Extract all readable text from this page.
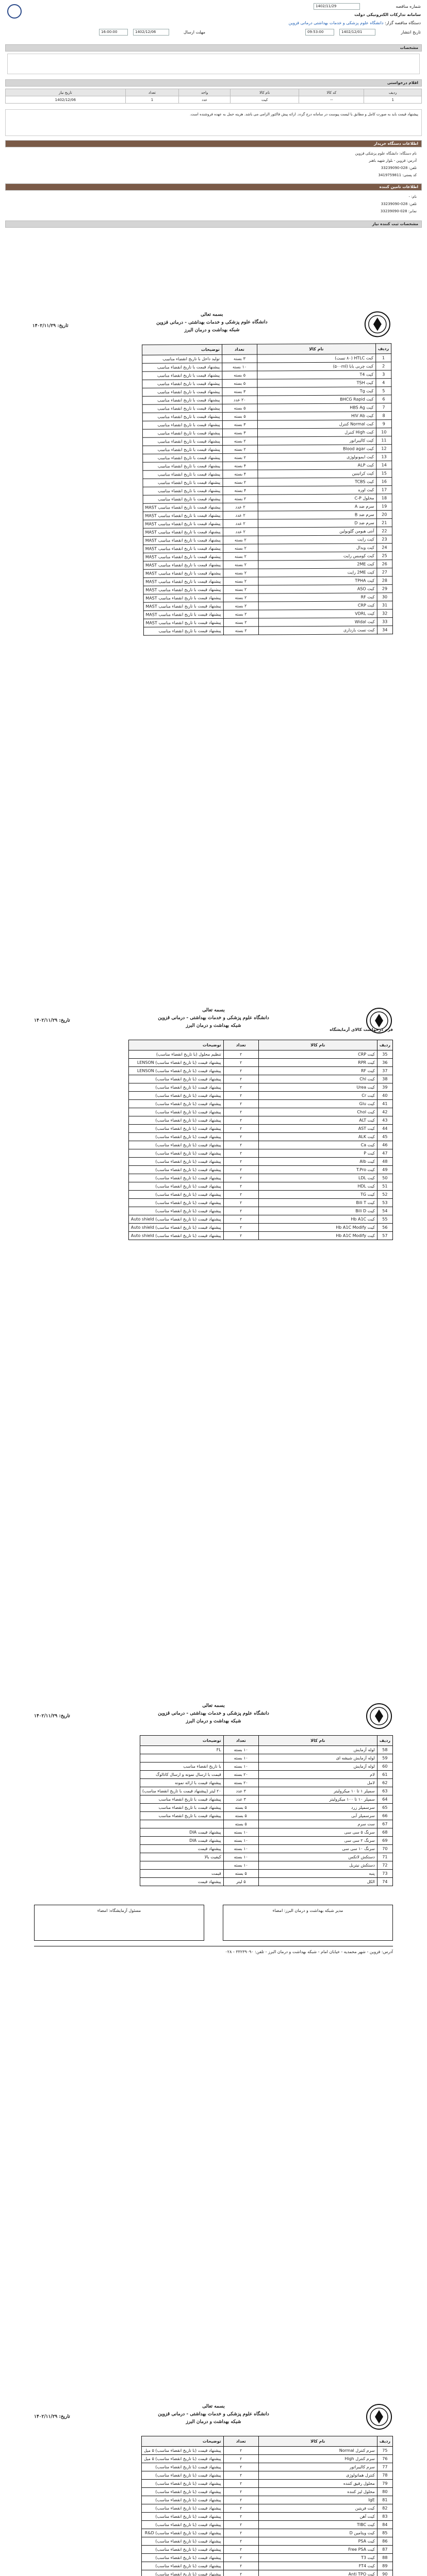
شماره مناقصه
1402/11/29
سامانه تدارکات الکترونیکی دولت
دستگاه مناقصه گزار: دانشگاه علوم پزشکی و خدمات بهداشتی درمانی قزوین
تاریخ انتشار
1402/12/01
09:53:00
مهلت ارسال
1402/12/06
16:00:00
مشخصات
اقلام درخواستی
ردیف	کد کالا	نام کالا	واحد	تعداد	تاریخ نیاز
1	--	کیت	عدد	1	1402/12/06
پیشنهاد قیمت باید به صورت کامل و مطابق با لیست پیوست در سامانه درج گردد. ارائه پیش فاکتور الزامی می باشد. هزینه حمل به عهده فروشنده است.
اطلاعات دستگاه خریدار
نام دستگاه: دانشگاه علوم پزشکی قزوین
آدرس: قزوین - بلوار شهید باهنر
تلفن: 028-33239090
کد پستی: 3419759811
اطلاعات تامین کننده
نام: -
تلفن: 028-33239090
نمابر: 028-33239090
مشخصات ثبت کننده نیاز
بسمه تعالی
دانشگاه علوم پزشکی و خدمات بهداشتی - درمانی قزوین
شبکه بهداشت و درمان البرز
تاریخ: ۱۴۰۲/۱۱/۲۹
ردیف	نام کالا	تعداد	توضیحات
1	کیت HTLC (۸۰ تست)	۳ بسته	تولید داخل با تاریخ انقضاء مناسب
2	کیت چربی بابا (۵۰۰ml)	۱۰ بسته	پیشنهاد قیمت با تاریخ انقضاء مناسب
3	کیت T4	۵ بسته	پیشنهاد قیمت با تاریخ انقضاء مناسب
4	کیت TSH	۵ بسته	پیشنهاد قیمت با تاریخ انقضاء مناسب
5	کیت Tg	۳ بسته	پیشنهاد قیمت با تاریخ انقضاء مناسب
6	کیت BHCG Rapid	۲۰ عدد	پیشنهاد قیمت با تاریخ انقضاء مناسب
7	کیت HBS Ag	۵ بسته	پیشنهاد قیمت با تاریخ انقضاء مناسب
8	کیت HIV Ab	۵ بسته	پیشنهاد قیمت با تاریخ انقضاء مناسب
9	کیت Normal کنترل	۳ بسته	پیشنهاد قیمت با تاریخ انقضاء مناسب
10	کیت High کنترل	۳ بسته	پیشنهاد قیمت با تاریخ انقضاء مناسب
11	کیت کالیبراتور	۲ بسته	پیشنهاد قیمت با تاریخ انقضاء مناسب
12	کیت Blood agar	۲ بسته	پیشنهاد قیمت با تاریخ انقضاء مناسب
13	کیت ایمونولوژی	۲ بسته	پیشنهاد قیمت با تاریخ انقضاء مناسب
14	کیت ALP	۴ بسته	پیشنهاد قیمت با تاریخ انقضاء مناسب
15	کیت کراتینین	۴ بسته	پیشنهاد قیمت با تاریخ انقضاء مناسب
16	کیت TCBS	۲ بسته	پیشنهاد قیمت با تاریخ انقضاء مناسب
17	کیت اوره	۴ بسته	پیشنهاد قیمت با تاریخ انقضاء مناسب
18	محلول C-P	۲ بسته	پیشنهاد قیمت با تاریخ انقضاء مناسب
19	سرم ضد A	۲ عدد	پیشنهاد قیمت با تاریخ انقضاء مناسب MAST
20	سرم ضد B	۲ عدد	پیشنهاد قیمت با تاریخ انقضاء مناسب MAST
21	سرم ضد D	۲ عدد	پیشنهاد قیمت با تاریخ انقضاء مناسب MAST
22	آنتی هیومن گلوبولین	۲ عدد	پیشنهاد قیمت با تاریخ انقضاء مناسب MAST
23	کیت رایت	۲ بسته	پیشنهاد قیمت با تاریخ انقضاء مناسب MAST
24	کیت ویدال	۲ بسته	پیشنهاد قیمت با تاریخ انقضاء مناسب MAST
25	کیت کومبس رایت	۲ بسته	پیشنهاد قیمت با تاریخ انقضاء مناسب MAST
26	کیت 2ME	۲ بسته	پیشنهاد قیمت با تاریخ انقضاء مناسب MAST
27	کیت 2ME رایت	۲ بسته	پیشنهاد قیمت با تاریخ انقضاء مناسب MAST
28	کیت TPHA	۲ بسته	پیشنهاد قیمت با تاریخ انقضاء مناسب MAST
29	کیت ASO	۲ بسته	پیشنهاد قیمت با تاریخ انقضاء مناسب MAST
30	کیت RF	۲ بسته	پیشنهاد قیمت با تاریخ انقضاء مناسب MAST
31	کیت CRP	۲ بسته	پیشنهاد قیمت با تاریخ انقضاء مناسب MAST
32	کیت VDRL	۲ بسته	پیشنهاد قیمت با تاریخ انقضاء مناسب MAST
33	کیت Widal	۲ بسته	پیشنهاد قیمت با تاریخ انقضاء مناسب MAST
34	کیت تست بارداری	۲ بسته	پیشنهاد قیمت با تاریخ انقضاء مناسب
بسمه تعالی
دانشگاه علوم پزشکی و خدمات بهداشتی - درمانی قزوین
شبکه بهداشت و درمان البرز
تاریخ: ۱۴۰۲/۱۱/۲۹
فرم درخواست کالای آزمایشگاه
ردیف	نام کالا	تعداد	توضیحات
35	کیت CRP	۲	تنظیم محلول (با تاریخ انقضاء مناسب)
36	کیت RPR	۲	پیشنهاد قیمت (با تاریخ انقضاء مناسب) LENSON
37	کیت RF	۲	پیشنهاد قیمت (با تاریخ انقضاء مناسب) LENSON
38	کیت Chl	۲	پیشنهاد قیمت (با تاریخ انقضاء مناسب)
39	کیت Urea	۲	پیشنهاد قیمت (با تاریخ انقضاء مناسب)
40	کیت Cr	۲	پیشنهاد قیمت (با تاریخ انقضاء مناسب)
41	کیت Glu	۲	پیشنهاد قیمت (با تاریخ انقضاء مناسب)
42	کیت Chol	۲	پیشنهاد قیمت (با تاریخ انقضاء مناسب)
43	کیت ALT	۲	پیشنهاد قیمت (با تاریخ انقضاء مناسب)
44	کیت AST	۲	پیشنهاد قیمت (با تاریخ انقضاء مناسب)
45	کیت ALK	۲	پیشنهاد قیمت (با تاریخ انقضاء مناسب)
46	کیت Ca	۲	پیشنهاد قیمت (با تاریخ انقضاء مناسب)
47	کیت P	۲	پیشنهاد قیمت (با تاریخ انقضاء مناسب)
48	کیت Alb	۲	پیشنهاد قیمت (با تاریخ انقضاء مناسب)
49	کیت T.Pro	۲	پیشنهاد قیمت (با تاریخ انقضاء مناسب)
50	کیت LDL	۲	پیشنهاد قیمت (با تاریخ انقضاء مناسب)
51	کیت HDL	۲	پیشنهاد قیمت (با تاریخ انقضاء مناسب)
52	کیت TG	۲	پیشنهاد قیمت (با تاریخ انقضاء مناسب)
53	کیت Bili T	۲	پیشنهاد قیمت (با تاریخ انقضاء مناسب)
54	کیت Bili D	۲	پیشنهاد قیمت (با تاریخ انقضاء مناسب)
55	کیت Hb A1C	۲	پیشنهاد قیمت (با تاریخ انقضاء مناسب) Auto shield
56	کیت Hb A1C Modify	۲	پیشنهاد قیمت (با تاریخ انقضاء مناسب) Auto shield
57	کیت Hb A1C Modify	۲	پیشنهاد قیمت (با تاریخ انقضاء مناسب) Auto shield
بسمه تعالی
دانشگاه علوم پزشکی و خدمات بهداشتی - درمانی قزوین
شبکه بهداشت و درمان البرز
تاریخ: ۱۴۰۲/۱۱/۲۹
ردیف	نام کالا	تعداد	توضیحات
58	لوله آزمایش	۱۰ بسته	FL
59	لوله آزمایش شیشه ای	۱۰ بسته	
60	لوله آزمایش	۱۰ بسته	با تاریخ انقضاء مناسب
61	لام	۲۰ بسته	قیمت با ارسال نمونه و ارسال کاتالوگ
62	لامل	۲۰ بسته	پیشنهاد قیمت با ارائه نمونه
63	سمپلر ۱ تا ۱۰ میکرولیتر	۳ عدد	۲۰ لیتر (پیشنهاد قیمت با تاریخ انقضاء مناسب)
64	سمپلر ۱۰ تا ۱۰۰ میکرولیتر	۳ عدد	پیشنهاد قیمت با تاریخ انقضاء مناسب
65	سرسمپلر زرد	۵ بسته	پیشنهاد قیمت با تاریخ انقضاء مناسب
66	سرسمپلر آبی	۵ بسته	پیشنهاد قیمت با تاریخ انقضاء مناسب
67	ست سرم	۵ بسته	
68	سرنگ ۵ سی سی	۱۰ بسته	پیشنهاد قیمت DIA
69	سرنگ ۲ سی سی	۱۰ بسته	پیشنهاد قیمت DIA
70	سرنگ ۱۰ سی سی	۱۰ بسته	پیشنهاد قیمت
71	دستکش لاتکس	۱۰ بسته	کیفیت بالا
72	دستکش نیتریل	۱۰ بسته	
73	پنبه	۵ بسته	قیمت
74	الکل	۵ لیتر	پیشنهاد قیمت
مسئول آزمایشگاه: امضاء	مدیر شبکه بهداشت و درمان البرز: امضاء
آدرس: قزوین - شهر محمدیه - خیابان امام - شبکه بهداشت و درمان البرز - تلفن: ۳۳۲۳۹۰۹۰ - ۰۲۸
بسمه تعالی
دانشگاه علوم پزشکی و خدمات بهداشتی - درمانی قزوین
شبکه بهداشت و درمان البرز
تاریخ: ۱۴۰۲/۱۱/۲۹
ردیف	نام کالا	تعداد	توضیحات
75	سرم کنترل Normal	۲	پیشنهاد قیمت (با تاریخ انقضاء مناسب) ۵ میل
76	سرم کنترل High	۲	پیشنهاد قیمت (با تاریخ انقضاء مناسب) ۵ میل
77	سرم کالیبراتور	۲	پیشنهاد قیمت (با تاریخ انقضاء مناسب)
78	کنترل هماتولوژی	۲	پیشنهاد قیمت (با تاریخ انقضاء مناسب)
79	محلول رقیق کننده	۲	پیشنهاد قیمت (با تاریخ انقضاء مناسب)
80	محلول لیز کننده	۲	پیشنهاد قیمت (با تاریخ انقضاء مناسب)
81	IgE	۲	پیشنهاد قیمت (با تاریخ انقضاء مناسب)
82	کیت فریتین	۲	پیشنهاد قیمت (با تاریخ انقضاء مناسب)
83	کیت آهن	۲	پیشنهاد قیمت (با تاریخ انقضاء مناسب)
84	کیت TIBC	۲	پیشنهاد قیمت (با تاریخ انقضاء مناسب)
85	کیت ویتامین D	۲	پیشنهاد قیمت (با تاریخ انقضاء مناسب) R&D
86	کیت PSA	۲	پیشنهاد قیمت (با تاریخ انقضاء مناسب)
87	کیت Free PSA	۲	پیشنهاد قیمت (با تاریخ انقضاء مناسب)
88	کیت T3	۲	پیشنهاد قیمت (با تاریخ انقضاء مناسب)
89	کیت FT4	۲	پیشنهاد قیمت (با تاریخ انقضاء مناسب)
90	کیت Anti TPO	۲	پیشنهاد قیمت (با تاریخ انقضاء مناسب)
